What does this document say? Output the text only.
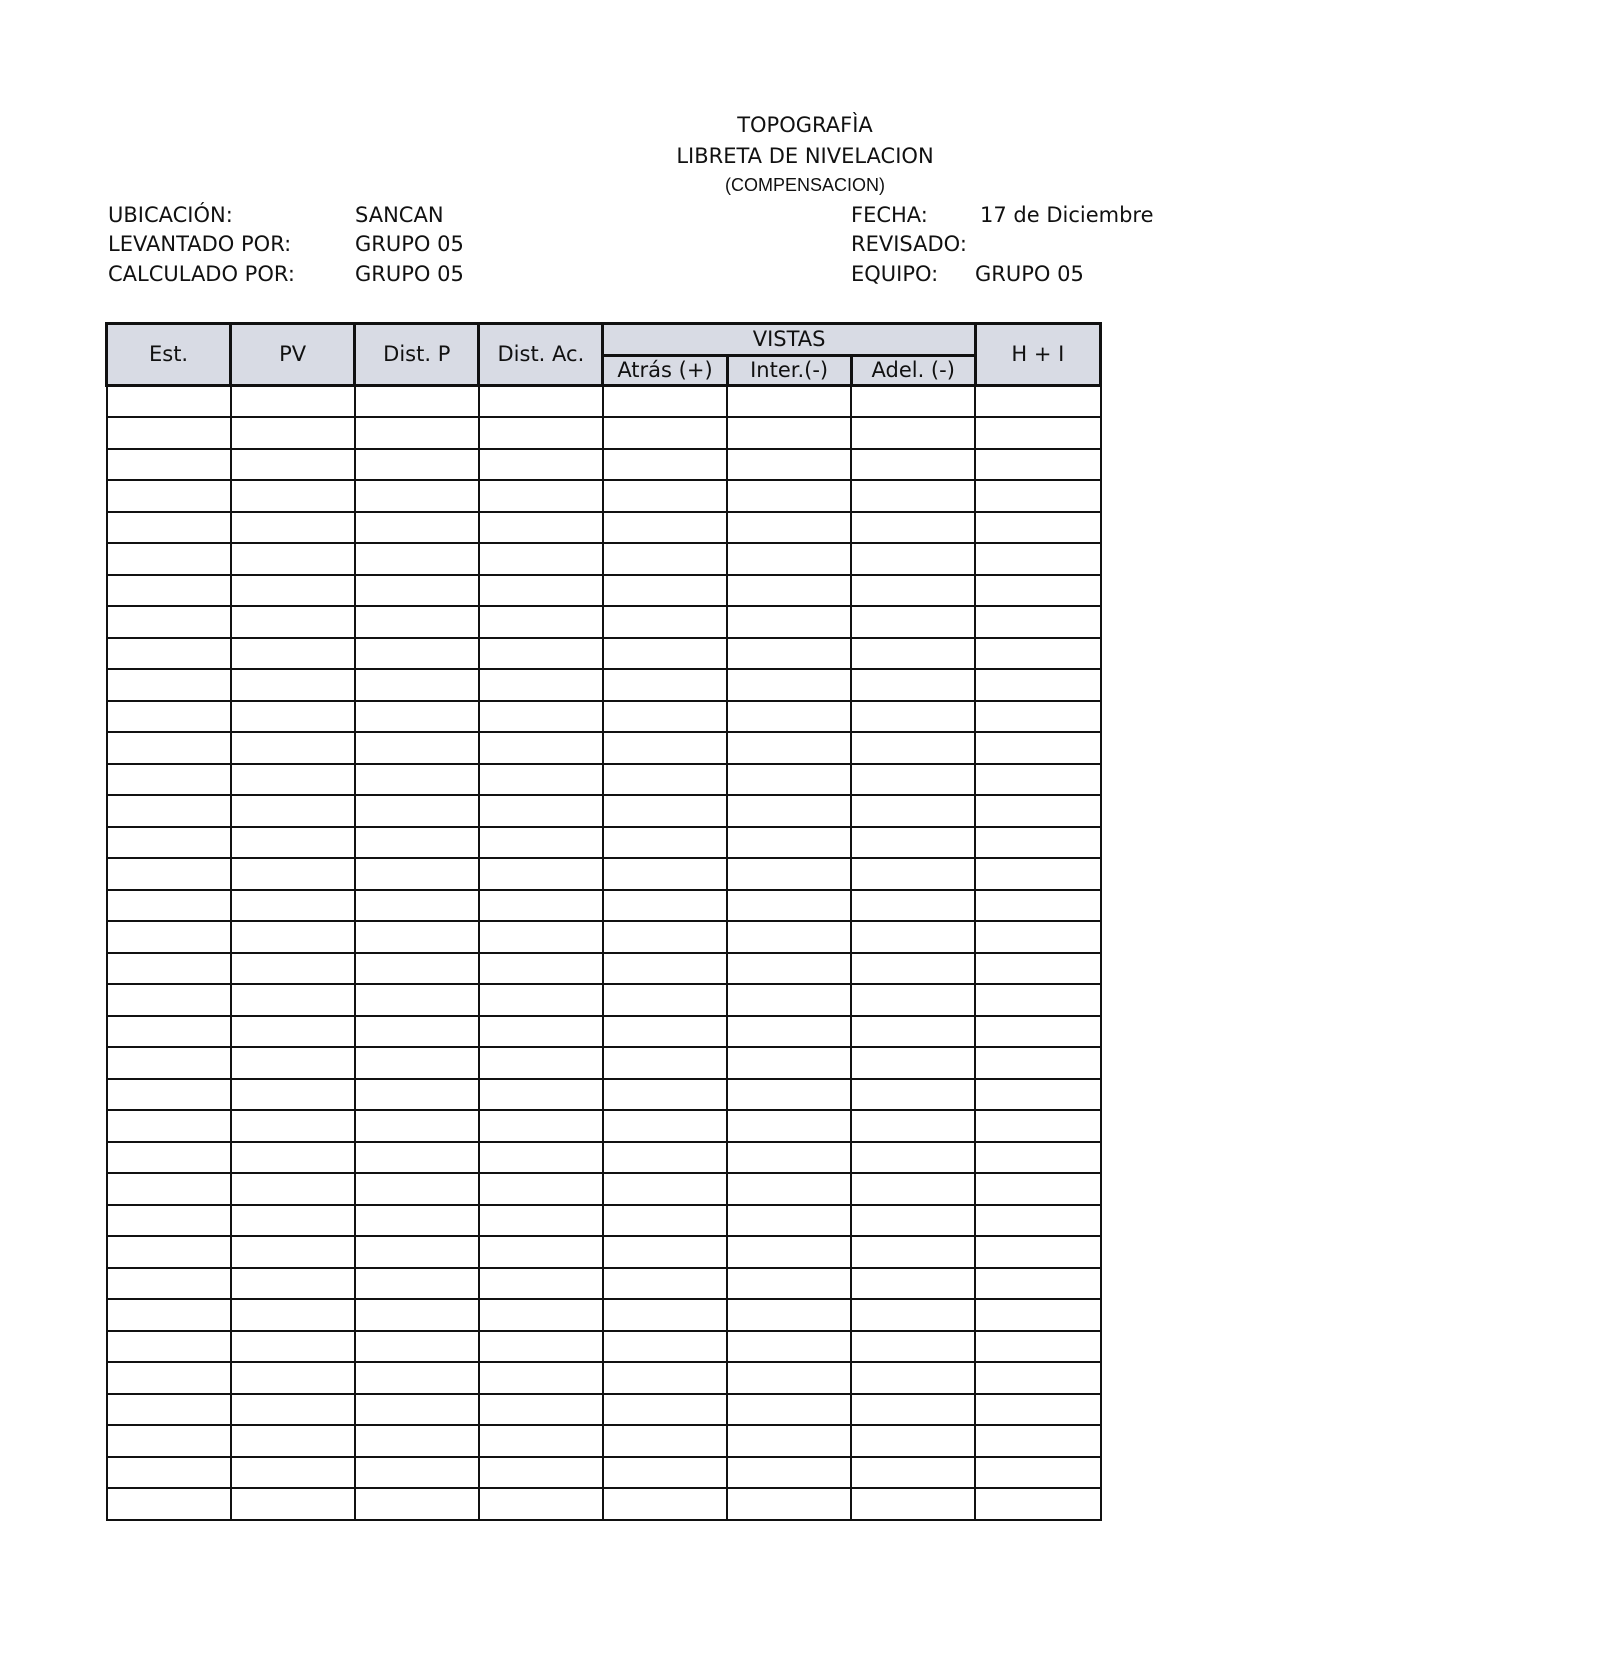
TOPOGRAFÌA
LIBRETA DE NIVELACION
(COMPENSACION)
UBICACIÓN:	SANCAN
LEVANTADO POR:	GRUPO 05
CALCULADO POR:	GRUPO 05
FECHA: 17 de Diciembre
REVISADO:
EQUIPO: GRUPO 05
Est.	PV	Dist. P	Dist. Ac.	VISTAS			H + I
				Atrás (+)	Inter.(-)	Adel. (-)	
